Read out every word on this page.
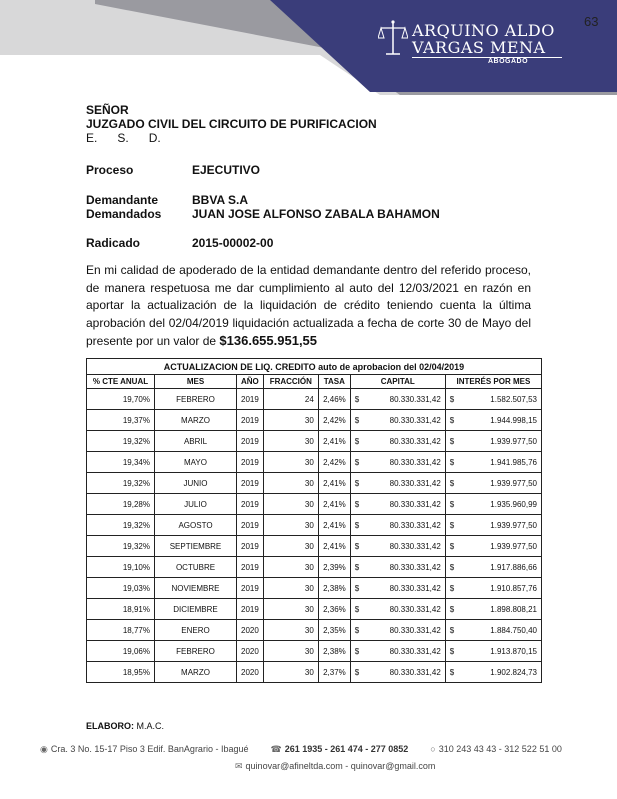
63
ARQUINO ALDO
VARGAS MENA
ABOGADO
SEÑOR
JUZGADO CIVIL DEL CIRCUITO DE PURIFICACION
E. S. D.
Proceso	EJECUTIVO
Demandante	BBVA S.A
Demandados	JUAN JOSE ALFONSO ZABALA BAHAMON
Radicado	2015-00002-00
En mi calidad de apoderado de la entidad demandante dentro del referido proceso, de manera respetuosa me dar cumplimiento al auto del 12/03/2021 en razón en aportar la actualización de la liquidación de crédito teniendo cuenta la última aprobación del 02/04/2019 liquidación actualizada a fecha de corte 30 de Mayo del presente por un valor de $136.655.951,55
ACTUALIZACION DE LIQ. CREDITO auto de aprobacion del 02/04/2019						
% CTE ANUAL	MES	AÑO	FRACCIÓN	TASA	CAPITAL	INTERÉS POR MES
19,70%	FEBRERO	2019	24	2,46%	$ 80.330.331,42	$ 1.582.507,53

19,37%	MARZO	2019	30	2,42%	$ 80.330.331,42	$ 1.944.998,15

19,32%	ABRIL	2019	30	2,41%	$ 80.330.331,42	$ 1.939.977,50

19,34%	MAYO	2019	30	2,42%	$ 80.330.331,42	$ 1.941.985,76

19,32%	JUNIO	2019	30	2,41%	$ 80.330.331,42	$ 1.939.977,50

19,28%	JULIO	2019	30	2,41%	$ 80.330.331,42	$ 1.935.960,99

19,32%	AGOSTO	2019	30	2,41%	$ 80.330.331,42	$ 1.939.977,50

19,32%	SEPTIEMBRE	2019	30	2,41%	$ 80.330.331,42	$ 1.939.977,50

19,10%	OCTUBRE	2019	30	2,39%	$ 80.330.331,42	$ 1.917.886,66

19,03%	NOVIEMBRE	2019	30	2,38%	$ 80.330.331,42	$ 1.910.857,76

18,91%	DICIEMBRE	2019	30	2,36%	$ 80.330.331,42	$ 1.898.808,21

18,77%	ENERO	2020	30	2,35%	$ 80.330.331,42	$ 1.884.750,40

19,06%	FEBRERO	2020	30	2,38%	$ 80.330.331,42	$ 1.913.870,15

18,95%	MARZO	2020	30	2,37%	$ 80.330.331,42	$ 1.902.824,73
ELABORO: M.A.C.
◉ Cra. 3 No. 15-17 Piso 3 Edif. BanAgrario - Ibagué ☎ 261 1935 - 261 474 - 277 0852 ○ 310 243 43 43 - 312 522 51 00
✉ quinovar@afineltda.com - quinovar@gmail.com
